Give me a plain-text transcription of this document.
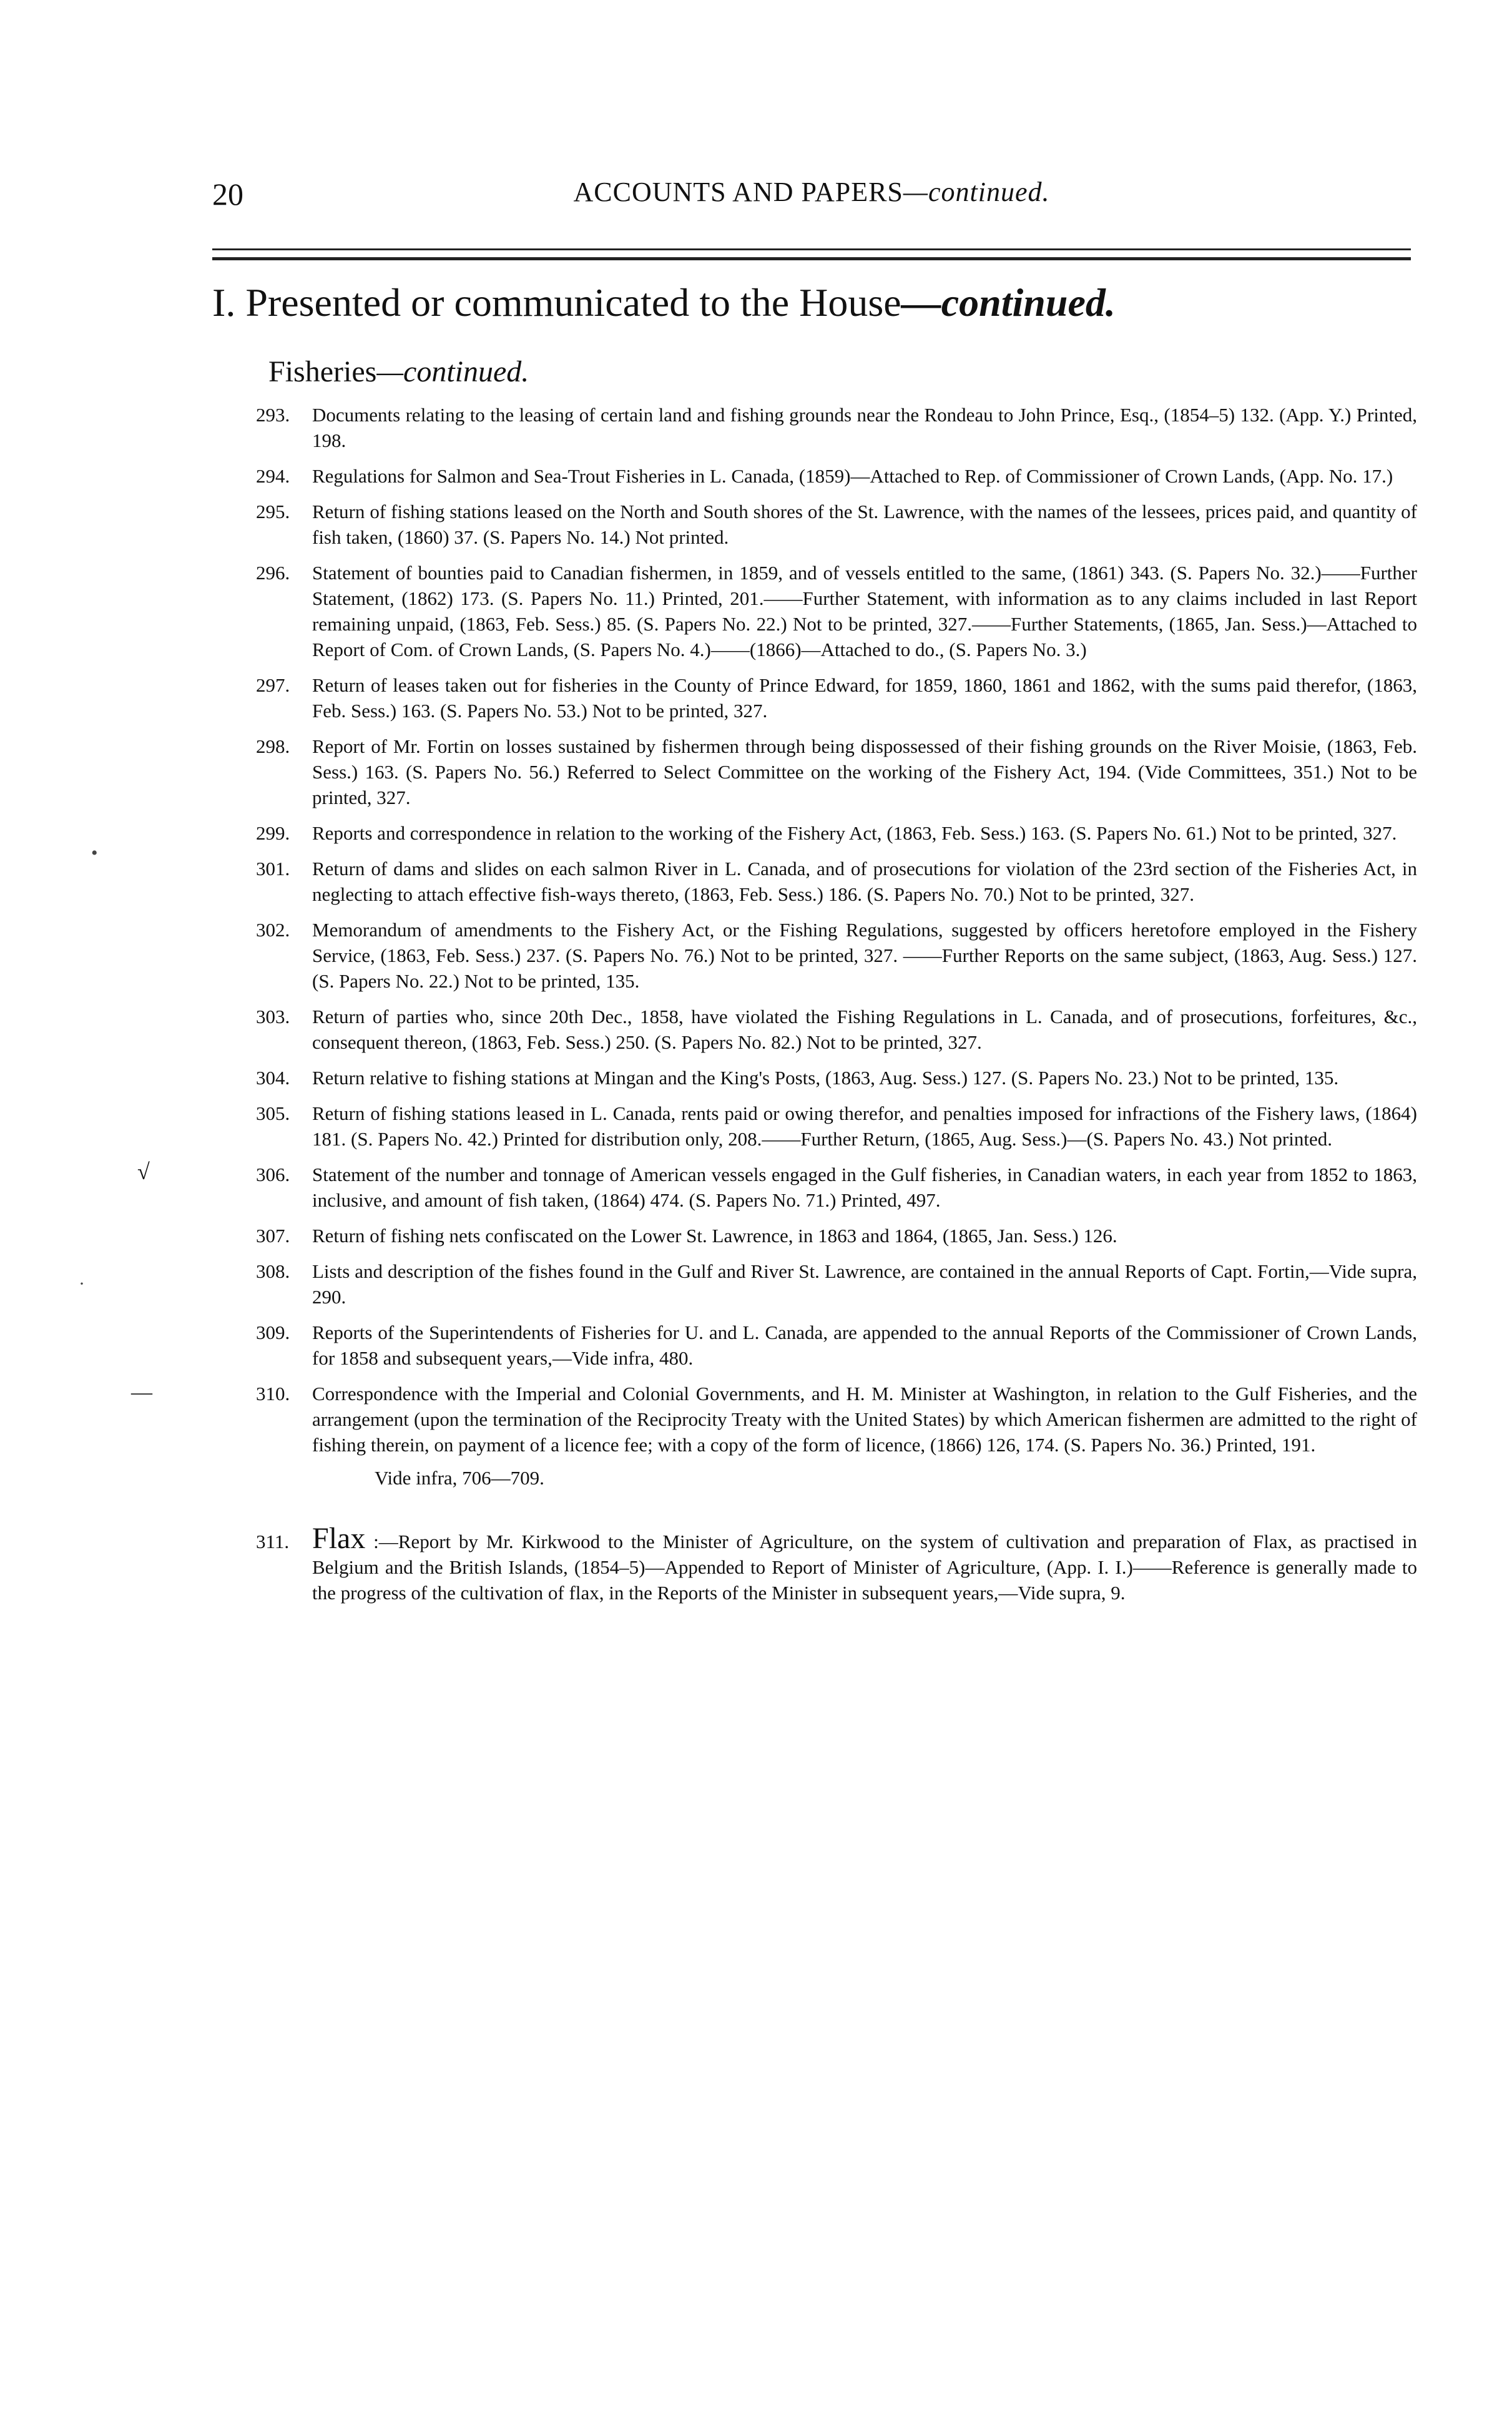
20	ACCOUNTS AND PAPERS—continued.
I. Presented or communicated to the House—continued.
Fisheries—continued.

293. Documents relating to the leasing of certain land and fishing grounds near the Rondeau to John Prince, Esq., (1854–5) 132. (App. Y.) Printed, 198.

294. Regulations for Salmon and Sea-Trout Fisheries in L. Canada, (1859)—Attached to Rep. of Commissioner of Crown Lands, (App. No. 17.)

295. Return of fishing stations leased on the North and South shores of the St. Lawrence, with the names of the lessees, prices paid, and quantity of fish taken, (1860) 37. (S. Papers No. 14.) Not printed.

296. Statement of bounties paid to Canadian fishermen, in 1859, and of vessels entitled to the same, (1861) 343. (S. Papers No. 32.)——Further Statement, (1862) 173. (S. Papers No. 11.) Printed, 201.——Further Statement, with information as to any claims included in last Report remaining unpaid, (1863, Feb. Sess.) 85. (S. Papers No. 22.) Not to be printed, 327.——Further Statements, (1865, Jan. Sess.)—Attached to Report of Com. of Crown Lands, (S. Papers No. 4.)——(1866)—Attached to do., (S. Papers No. 3.)

297. Return of leases taken out for fisheries in the County of Prince Edward, for 1859, 1860, 1861 and 1862, with the sums paid therefor, (1863, Feb. Sess.) 163. (S. Papers No. 53.) Not to be printed, 327.

298. Report of Mr. Fortin on losses sustained by fishermen through being dispossessed of their fishing grounds on the River Moisie, (1863, Feb. Sess.) 163. (S. Papers No. 56.) Referred to Select Committee on the working of the Fishery Act, 194. (Vide Committees, 351.) Not to be printed, 327.

299. Reports and correspondence in relation to the working of the Fishery Act, (1863, Feb. Sess.) 163. (S. Papers No. 61.) Not to be printed, 327.

301. Return of dams and slides on each salmon River in L. Canada, and of prosecutions for violation of the 23rd section of the Fisheries Act, in neglecting to attach effective fish-ways thereto, (1863, Feb. Sess.) 186. (S. Papers No. 70.) Not to be printed, 327.

302. Memorandum of amendments to the Fishery Act, or the Fishing Regulations, suggested by officers heretofore employed in the Fishery Service, (1863, Feb. Sess.) 237. (S. Papers No. 76.) Not to be printed, 327. ——Further Reports on the same subject, (1863, Aug. Sess.) 127. (S. Papers No. 22.) Not to be printed, 135.

303. Return of parties who, since 20th Dec., 1858, have violated the Fishing Regulations in L. Canada, and of prosecutions, forfeitures, &c., consequent thereon, (1863, Feb. Sess.) 250. (S. Papers No. 82.) Not to be printed, 327.

304. Return relative to fishing stations at Mingan and the King's Posts, (1863, Aug. Sess.) 127. (S. Papers No. 23.) Not to be printed, 135.

305. Return of fishing stations leased in L. Canada, rents paid or owing therefor, and penalties imposed for infractions of the Fishery laws, (1864) 181. (S. Papers No. 42.) Printed for distribution only, 208.——Further Return, (1865, Aug. Sess.)—(S. Papers No. 43.) Not printed.

√	306. Statement of the number and tonnage of American vessels engaged in the Gulf fisheries, in Canadian waters, in each year from 1852 to 1863, inclusive, and amount of fish taken, (1864) 474. (S. Papers No. 71.) Printed, 497.

307. Return of fishing nets confiscated on the Lower St. Lawrence, in 1863 and 1864, (1865, Jan. Sess.) 126.

308. Lists and description of the fishes found in the Gulf and River St. Lawrence, are contained in the annual Reports of Capt. Fortin,—Vide supra, 290.

309. Reports of the Superintendents of Fisheries for U. and L. Canada, are appended to the annual Reports of the Commissioner of Crown Lands, for 1858 and subsequent years,—Vide infra, 480.

—	310. Correspondence with the Imperial and Colonial Governments, and H. M. Minister at Washington, in relation to the Gulf Fisheries, and the arrangement (upon the termination of the Reciprocity Treaty with the United States) by which American fishermen are admitted to the right of fishing therein, on payment of a licence fee; with a copy of the form of licence, (1866) 126, 174. (S. Papers No. 36.) Printed, 191.

Vide infra, 706—709.

311. Flax :—Report by Mr. Kirkwood to the Minister of Agriculture, on the system of cultivation and preparation of Flax, as practised in Belgium and the British Islands, (1854–5)—Appended to Report of Minister of Agriculture, (App. I. I.)——Reference is generally made to the progress of the cultivation of flax, in the Reports of the Minister in subsequent years,—Vide supra, 9.

•
·
